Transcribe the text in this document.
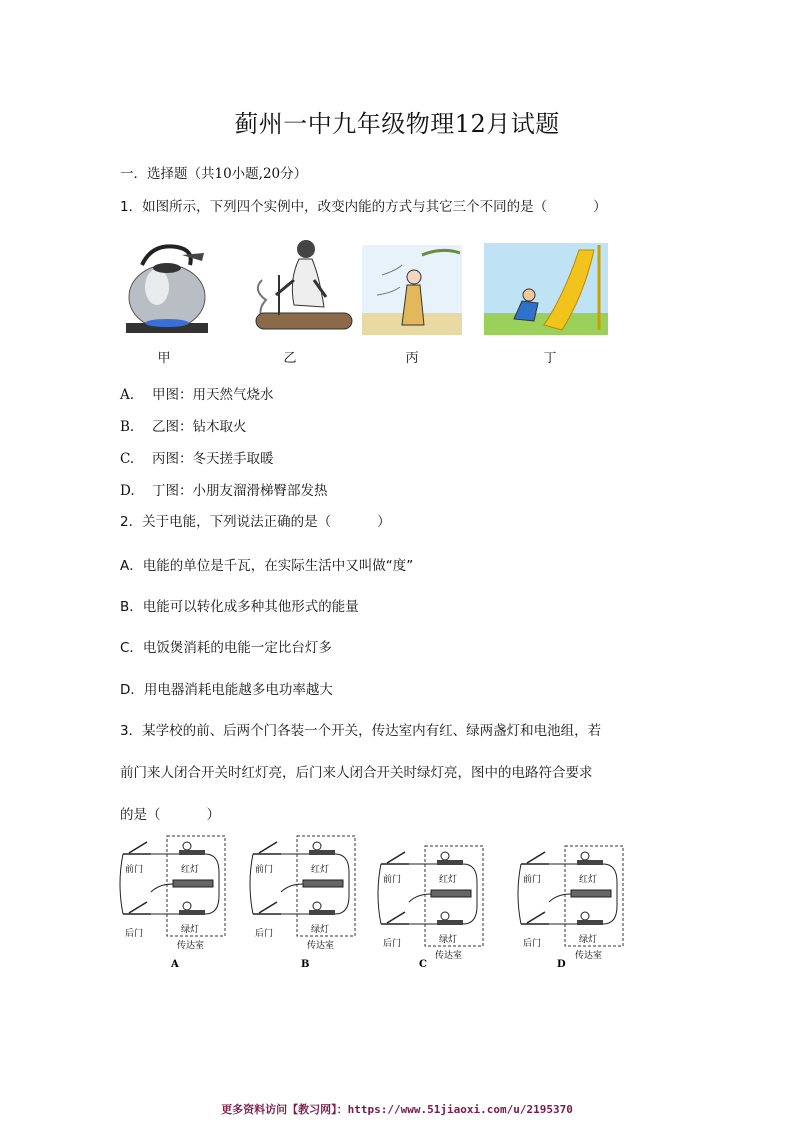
蓟州一中九年级物理12月试题
一．选择题（共10小题,20分）
1．如图所示，下列四个实例中，改变内能的方式与其它三个不同的是（	）
甲	乙	丙	丁
A. 甲图：用天然气烧水
B. 乙图：钻木取火
C. 丙图：冬天搓手取暖
D. 丁图：小朋友溜滑梯臀部发热
2．关于电能，下列说法正确的是（	）
A．电能的单位是千瓦，在实际生活中又叫做“度”
B．电能可以转化成多种其他形式的能量
C．电饭煲消耗的电能一定比台灯多
D．用电器消耗电能越多电功率越大
3．某学校的前、后两个门各装一个开关，传达室内有红、绿两盏灯和电池组，若
前门来人闭合开关时红灯亮，后门来人闭合开关时绿灯亮，图中的电路符合要求
的是（	）
前门	红灯
后门	绿灯
传达室
A
前门	红灯
后门	绿灯
传达室
B
前门	红灯
后门	绿灯
传达室
C
前门	红灯
后门	绿灯
传达室
D
更多资料访问【教习网】：https://www.51jiaoxi.com/u/2195370
